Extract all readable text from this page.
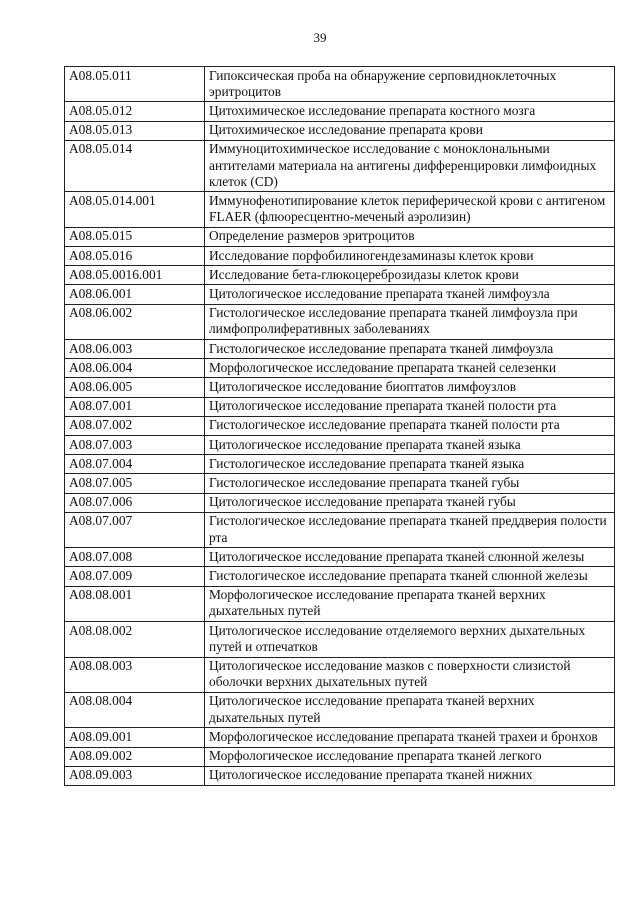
39
A08.05.011	Гипоксическая проба на обнаружение серповидноклеточных эритроцитов
A08.05.012	Цитохимическое исследование препарата костного мозга
A08.05.013	Цитохимическое исследование препарата крови
A08.05.014	Иммуноцитохимическое исследование с моноклональными антителами материала на антигены дифференцировки лимфоидных клеток (CD)
A08.05.014.001	Иммунофенотипирование клеток периферической крови с антигеном FLAER (флюоресцентно-меченый аэролизин)
A08.05.015	Определение размеров эритроцитов
A08.05.016	Исследование порфобилиногендезаминазы клеток крови
A08.05.0016.001	Исследование бета-глюкоцереброзидазы клеток крови
A08.06.001	Цитологическое исследование препарата тканей лимфоузла
A08.06.002	Гистологическое исследование препарата тканей лимфоузла при лимфопролиферативных заболеваниях
A08.06.003	Гистологическое исследование препарата тканей лимфоузла
A08.06.004	Морфологическое исследование препарата тканей селезенки
A08.06.005	Цитологическое исследование биоптатов лимфоузлов
A08.07.001	Цитологическое исследование препарата тканей полости рта
A08.07.002	Гистологическое исследование препарата тканей полости рта
A08.07.003	Цитологическое исследование препарата тканей языка
A08.07.004	Гистологическое исследование препарата тканей языка
A08.07.005	Гистологическое исследование препарата тканей губы
A08.07.006	Цитологическое исследование препарата тканей губы
A08.07.007	Гистологическое исследование препарата тканей преддверия полости рта
A08.07.008	Цитологическое исследование препарата тканей слюнной железы
A08.07.009	Гистологическое исследование препарата тканей слюнной железы
A08.08.001	Морфологическое исследование препарата тканей верхних дыхательных путей
A08.08.002	Цитологическое исследование отделяемого верхних дыхательных путей и отпечатков
A08.08.003	Цитологическое исследование мазков с поверхности слизистой оболочки верхних дыхательных путей
A08.08.004	Цитологическое исследование препарата тканей верхних дыхательных путей
A08.09.001	Морфологическое исследование препарата тканей трахеи и бронхов
A08.09.002	Морфологическое исследование препарата тканей легкого
A08.09.003	Цитологическое исследование препарата тканей нижних
